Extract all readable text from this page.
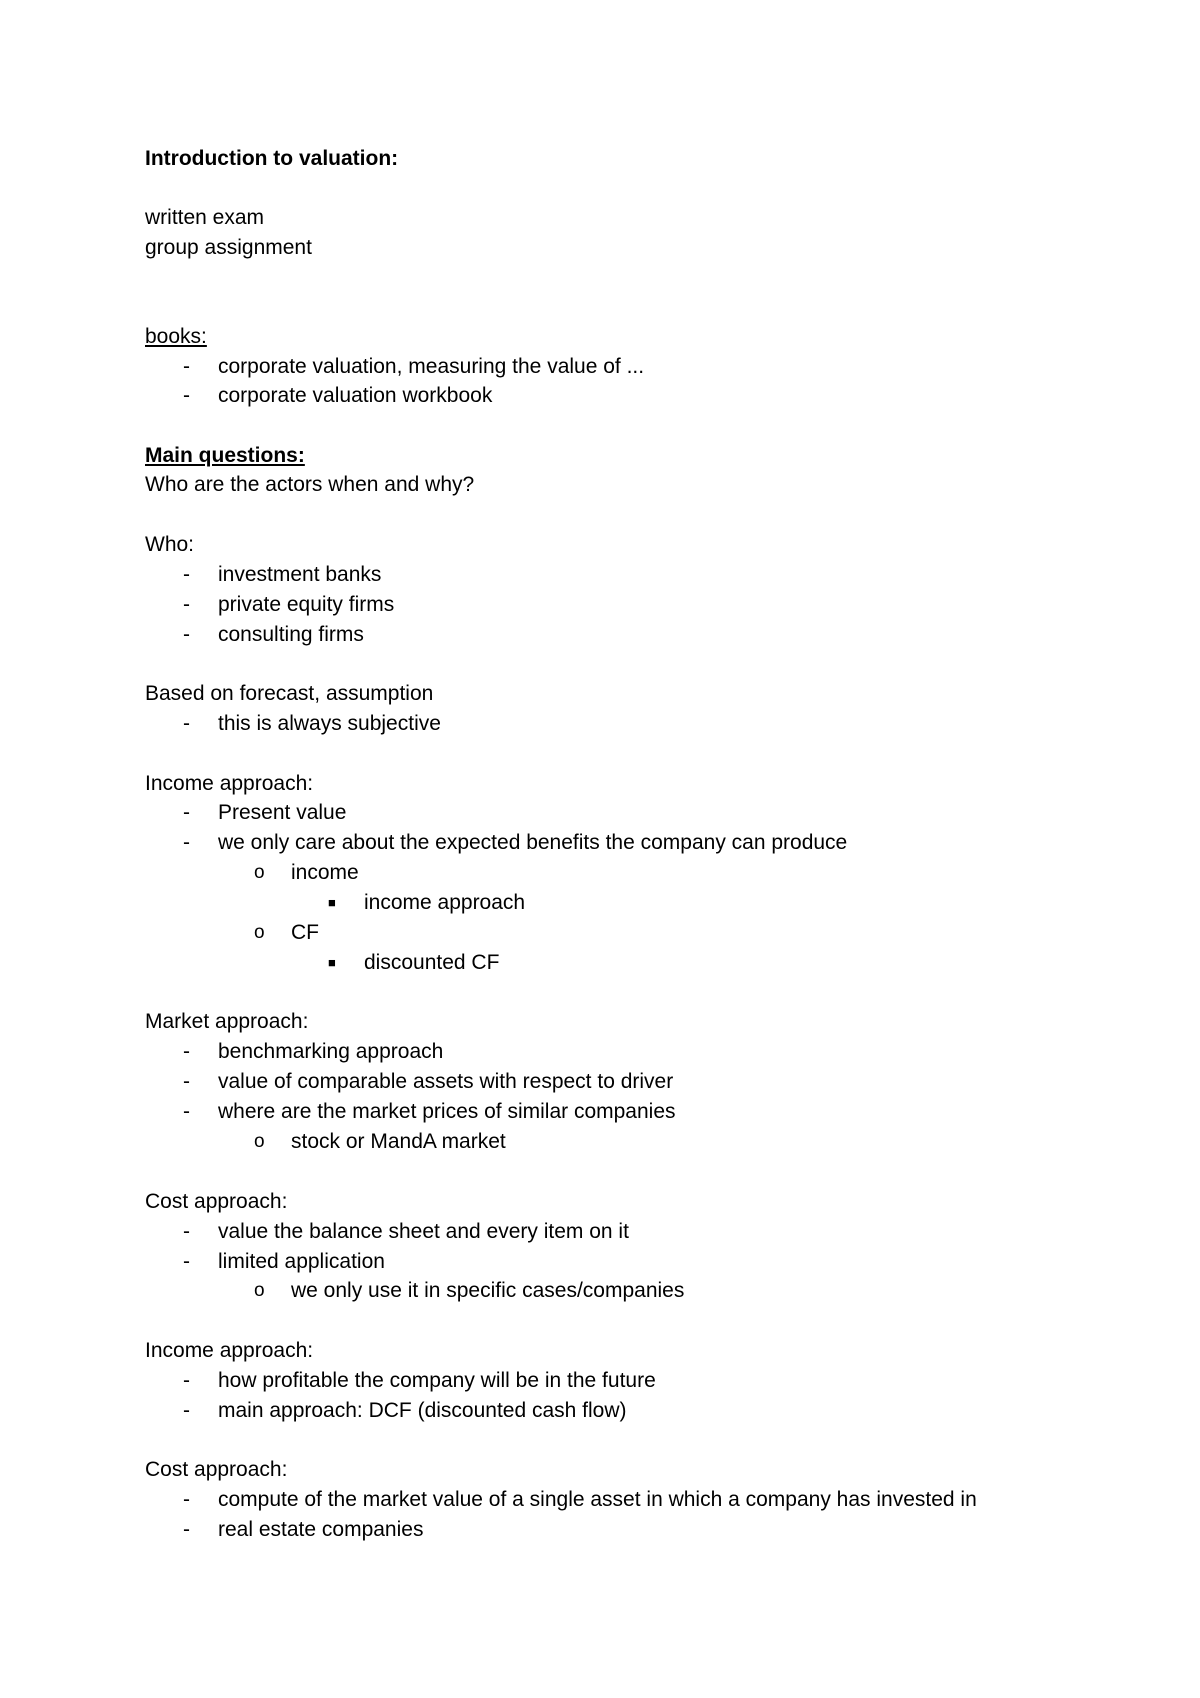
Introduction to valuation:
written exam
group assignment
books:
- corporate valuation, measuring the value of ...
- corporate valuation workbook
Main questions:
Who are the actors when and why?
Who:
- investment banks
- private equity firms
- consulting firms
Based on forecast, assumption
- this is always subjective
Income approach:
- Present value
- we only care about the expected benefits the company can produce
o income
■ income approach
o CF
■ discounted CF
Market approach:
- benchmarking approach
- value of comparable assets with respect to driver
- where are the market prices of similar companies
o stock or MandA market
Cost approach:
- value the balance sheet and every item on it
- limited application
o we only use it in specific cases/companies
Income approach:
- how profitable the company will be in the future
- main approach: DCF (discounted cash flow)
Cost approach:
- compute of the market value of a single asset in which a company has invested in
- real estate companies
